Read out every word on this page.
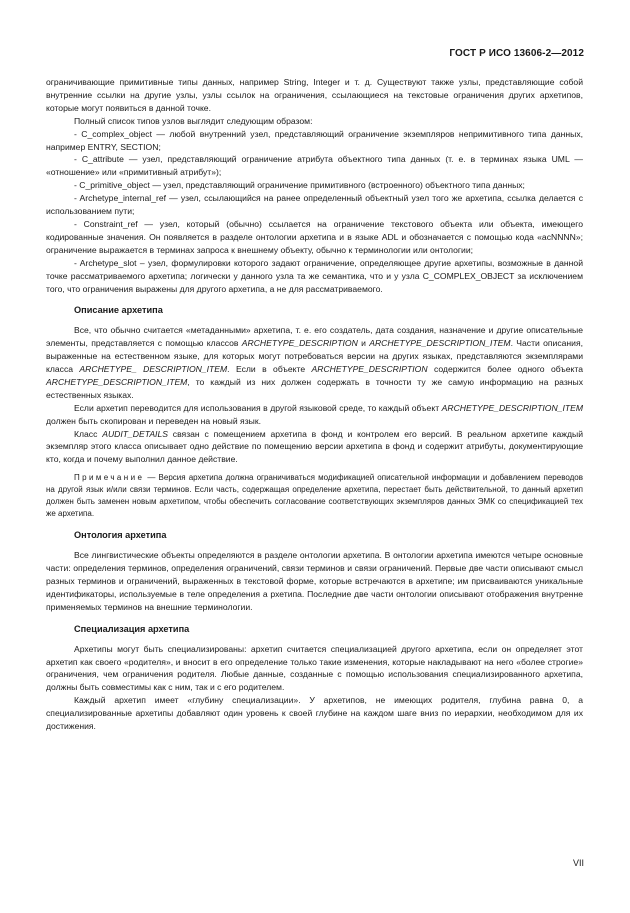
ГОСТ Р ИСО 13606-2—2012

ограничивающие примитивные типы данных, например String, Integer и т. д. Существуют также узлы, представляющие собой внутренние ссылки на другие узлы, узлы ссылок на ограничения, ссылающиеся на текстовые ограничения других архетипов, которые могут появиться в данной точке.

Полный список типов узлов выглядит следующим образом:

- C_complex_object — любой внутренний узел, представляющий ограничение экземпляров непримитивного типа данных, например ENTRY, SECTION;

- C_attribute — узел, представляющий ограничение атрибута объектного типа данных (т. е. в терминах языка UML — «отношение» или «примитивный атрибут»);

- C_primitive_object — узел, представляющий ограничение примитивного (встроенного) объектного типа данных;

- Archetype_internal_ref — узел, ссылающийся на ранее определенный объектный узел того же архетипа, ссылка делается с использованием пути;

- Constraint_ref — узел, который (обычно) ссылается на ограничение текстового объекта или объекта, имеющего кодированные значения. Он появляется в разделе онтологии архетипа и в языке ADL и обозначается с помощью кода «acNNNN»; ограничение выражается в терминах запроса к внешнему объекту, обычно к терминологии или онтологии;

- Archetype_slot – узел, формулировки которого задают ограничение, определяющее другие архетипы, возможные в данной точке рассматриваемого архетипа; логически у данного узла та же семантика, что и у узла C_COMPLEX_OBJECT за исключением того, что ограничения выражены для другого архетипа, а не для рассматриваемого.

Описание архетипа

Все, что обычно считается «метаданными» архетипа, т. е. его создатель, дата создания, назначение и другие описательные элементы, представляется с помощью классов ARCHETYPE_DESCRIPTION и ARCHETYPE_DESCRIPTION_ITEM. Части описания, выраженные на естественном языке, для которых могут потребоваться версии на других языках, представляются экземплярами класса ARCHETYPE_ DESCRIPTION_ITEM. Если в объекте ARCHETYPE_DESCRIPTION содержится более одного объекта ARCHETYPE_DESCRIPTION_ITEM, то каждый из них должен содержать в точности ту же самую информацию на разных естественных языках.

Если архетип переводится для использования в другой языковой среде, то каждый объект ARCHETYPE_DESCRIPTION_ITEM должен быть скопирован и переведен на новый язык.

Класс AUDIT_DETAILS связан с помещением архетипа в фонд и контролем его версий. В реальном архетипе каждый экземпляр этого класса описывает одно действие по помещению версии архетипа в фонд и содержит атрибуты, документирующие кто, когда и почему выполнил данное действие.

Примечание — Версия архетипа должна ограничиваться модификацией описательной информации и добавлением переводов на другой язык и/или связи терминов. Если часть, содержащая определение архетипа, перестает быть действительной, то данный архетип должен быть заменен новым архетипом, чтобы обеспечить согласование соответствующих экземпляров данных ЭМК со спецификацией тех же архетипа.

Онтология архетипа

Все лингвистические объекты определяются в разделе онтологии архетипа. В онтологии архетипа имеются четыре основные части: определения терминов, определения ограничений, связи терминов и связи ограничений. Первые две части описывают смысл разных терминов и ограничений, выраженных в текстовой форме, которые встречаются в архетипе; им присваиваются уникальные идентификаторы, используемые в теле определения а рхетипа. Последние две части онтологии описывают отображения внутренне применяемых терминов на внешние терминологии.

Специализация архетипа

Архетипы могут быть специализированы: архетип считается специализацией другого архетипа, если он определяет этот архетип как своего «родителя», и вносит в его определение только такие изменения, которые накладывают на него «более строгие» ограничения, чем ограничения родителя. Любые данные, созданные с помощью использования специализированного архетипа, должны быть совместимы как с ним, так и с его родителем.

Каждый архетип имеет «глубину специализации». У архетипов, не имеющих родителя, глубина равна 0, а специализированные архетипы добавляют один уровень к своей глубине на каждом шаге вниз по иерархии, необходимом для их достижения.

VII
